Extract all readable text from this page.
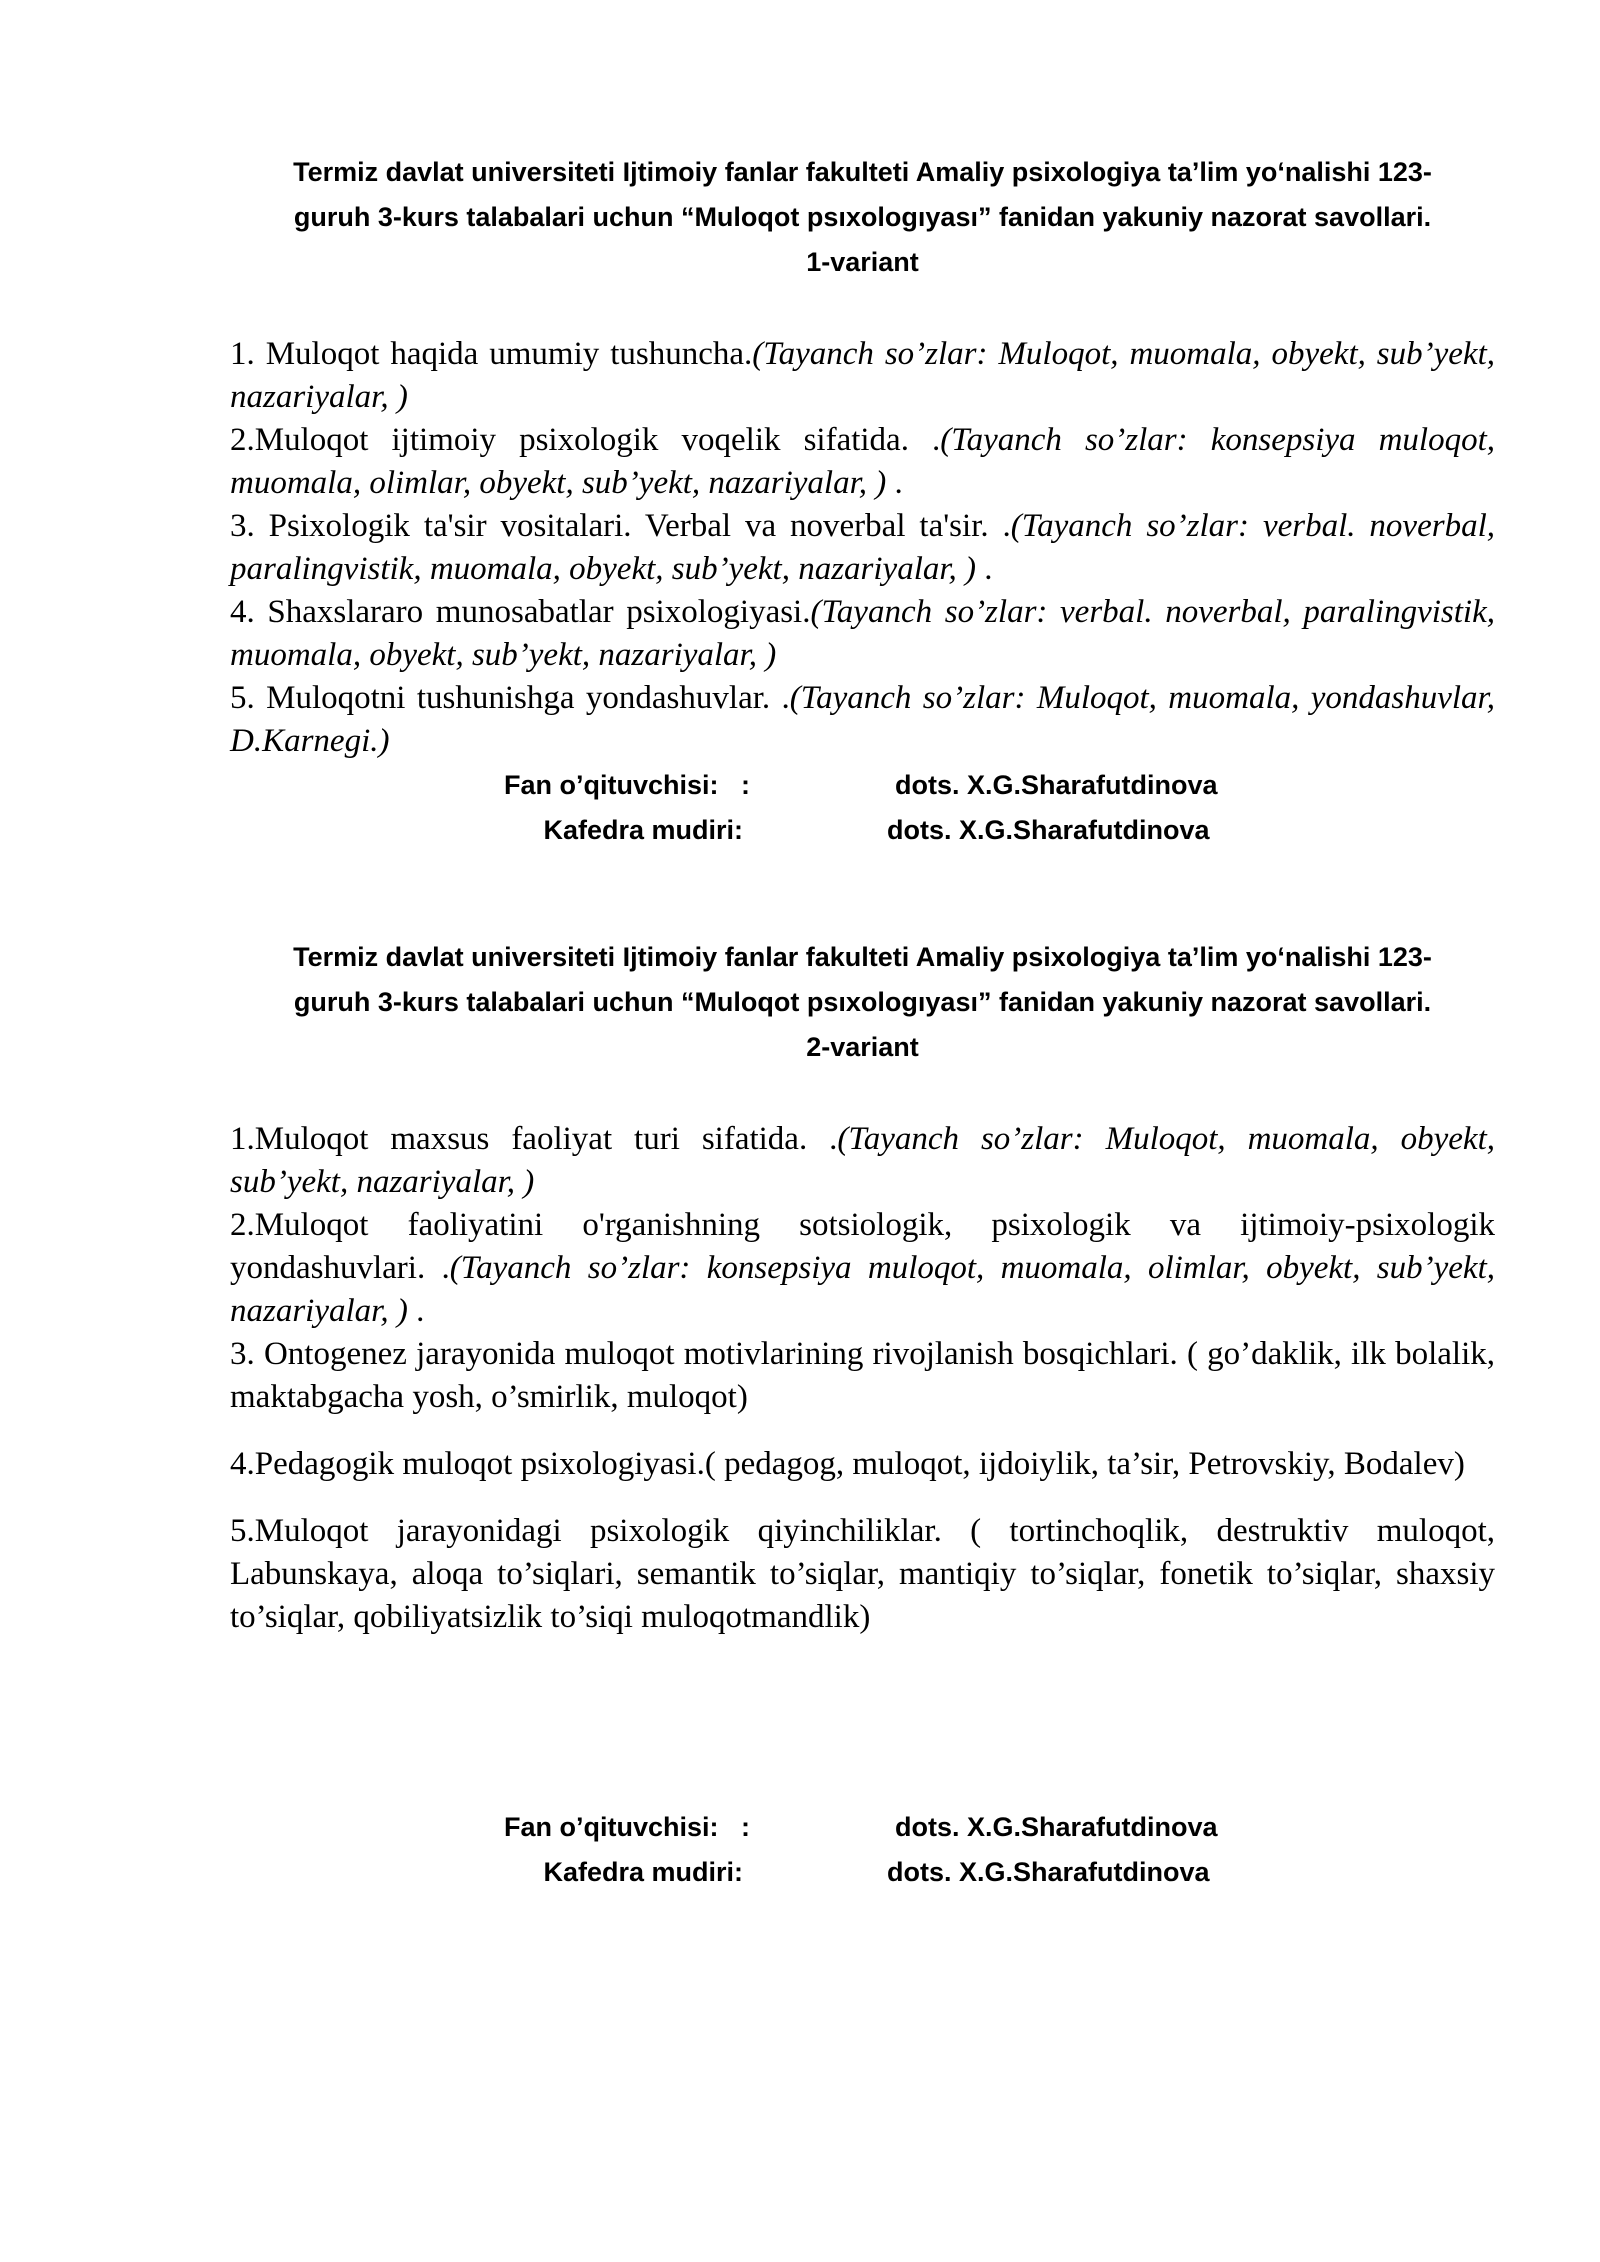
Termiz davlat universiteti Ijtimoiy fanlar fakulteti Amaliy psixologiya ta’lim yo‘nalishi 123-

guruh 3-kurs talabalari uchun “Muloqot psıxologıyası” fanidan yakuniy nazorat savollari.

1-variant

1. Muloqot haqida umumiy tushuncha.(Tayanch so’zlar: Muloqot, muomala, obyekt, sub’yekt, nazariyalar, )

2.Muloqot ijtimoiy psixologik voqelik sifatida. .(Tayanch so’zlar: konsepsiya muloqot, muomala, olimlar, obyekt, sub’yekt, nazariyalar, ) .

3. Psixologik ta'sir vositalari. Verbal va noverbal ta'sir. .(Tayanch so’zlar: verbal. noverbal, paralingvistik, muomala, obyekt, sub’yekt, nazariyalar, ) .

4. Shaxslararo munosabatlar psixologiyasi.(Tayanch so’zlar: verbal. noverbal, paralingvistik, muomala, obyekt, sub’yekt, nazariyalar, )

5. Muloqotni tushunishga yondashuvlar. .(Tayanch so’zlar: Muloqot, muomala, yondashuvlar, D.Karnegi.)

Fan o’qituvchisi:   :	dots. X.G.Sharafutdinova
Kafedra mudiri:	dots. X.G.Sharafutdinova

Termiz davlat universiteti Ijtimoiy fanlar fakulteti Amaliy psixologiya ta’lim yo‘nalishi 123-

guruh 3-kurs talabalari uchun “Muloqot psıxologıyası” fanidan yakuniy nazorat savollari.

2-variant

1.Muloqot maxsus faoliyat turi sifatida. .(Tayanch so’zlar: Muloqot, muomala, obyekt, sub’yekt, nazariyalar, )

2.Muloqot faoliyatini o'rganishning sotsiologik, psixologik va ijtimoiy-psixologik yondashuvlari. .(Tayanch so’zlar: konsepsiya muloqot, muomala, olimlar, obyekt, sub’yekt, nazariyalar, ) .

3. Ontogenez jarayonida muloqot motivlarining rivojlanish bosqichlari. ( go’daklik, ilk bolalik, maktabgacha yosh, o’smirlik, muloqot)

4.Pedagogik muloqot psixologiyasi.( pedagog, muloqot, ijdoiylik, ta’sir, Petrovskiy, Bodalev)

5.Muloqot jarayonidagi psixologik qiyinchiliklar. ( tortinchoqlik, destruktiv muloqot, Labunskaya, aloqa to’siqlari, semantik to’siqlar, mantiqiy to’siqlar, fonetik to’siqlar, shaxsiy to’siqlar, qobiliyatsizlik to’siqi muloqotmandlik)

Fan o’qituvchisi:   :	dots. X.G.Sharafutdinova
Kafedra mudiri:	dots. X.G.Sharafutdinova
